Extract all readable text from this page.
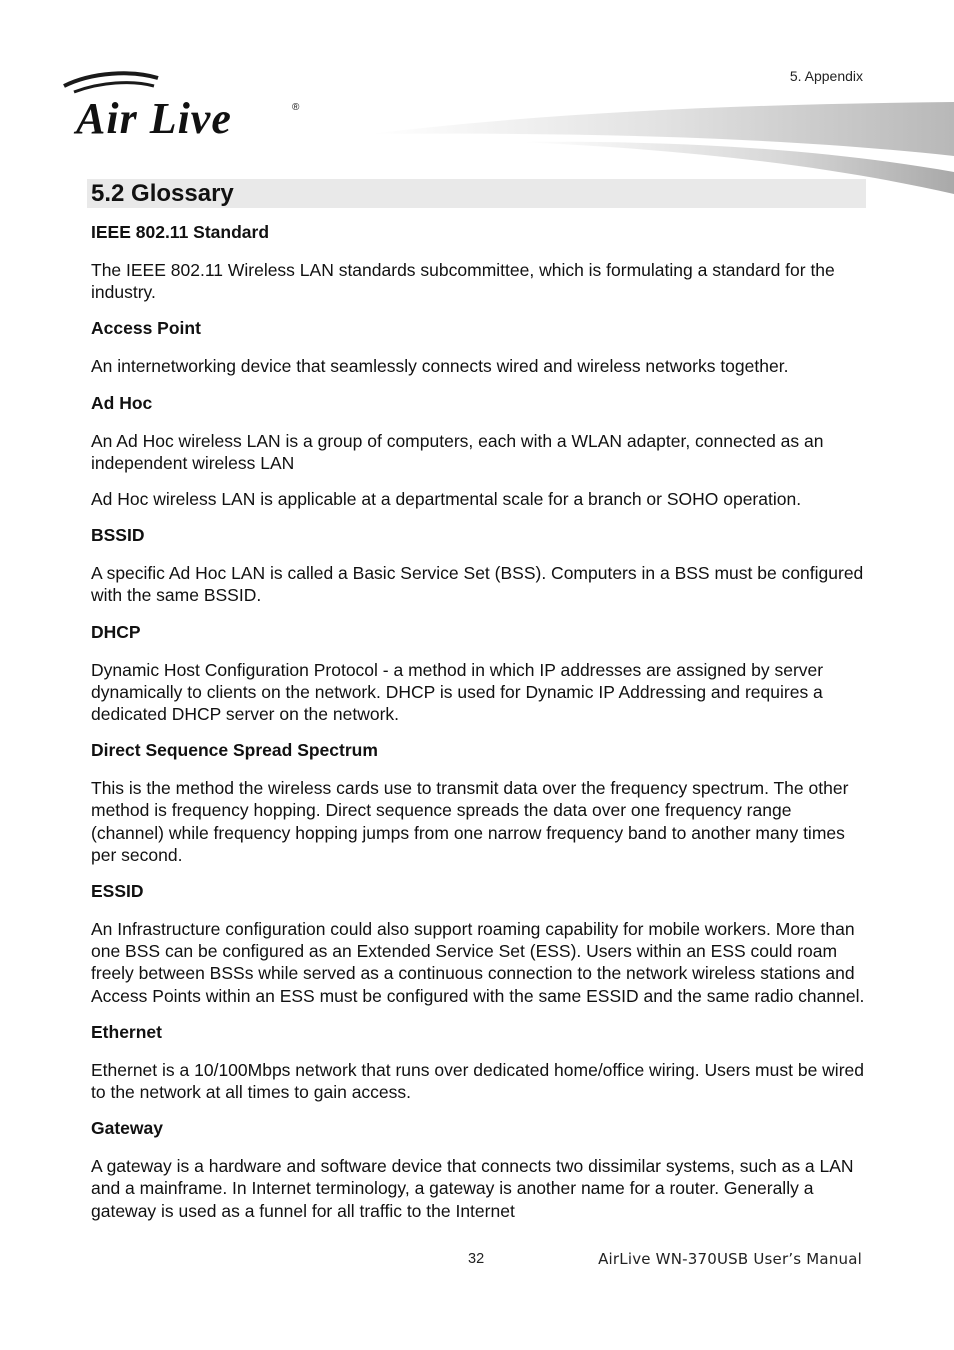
Air Live	®
5. Appendix
5.2 Glossary
IEEE 802.11 Standard
The IEEE 802.11 Wireless LAN standards subcommittee, which is formulating a standard for the industry.
Access Point
An internetworking device that seamlessly connects wired and wireless networks together.
Ad Hoc
An Ad Hoc wireless LAN is a group of computers, each with a WLAN adapter, connected as an independent wireless LAN
Ad Hoc wireless LAN is applicable at a departmental scale for a branch or SOHO operation.
BSSID
A specific Ad Hoc LAN is called a Basic Service Set (BSS). Computers in a BSS must be configured with the same BSSID.
DHCP
Dynamic Host Configuration Protocol - a method in which IP addresses are assigned by server dynamically to clients on the network. DHCP is used for Dynamic IP Addressing and requires a dedicated DHCP server on the network.
Direct Sequence Spread Spectrum
This is the method the wireless cards use to transmit data over the frequency spectrum. The other method is frequency hopping. Direct sequence spreads the data over one frequency range (channel) while frequency hopping jumps from one narrow frequency band to another many times per second.
ESSID
An Infrastructure configuration could also support roaming capability for mobile workers. More than one BSS can be configured as an Extended Service Set (ESS). Users within an ESS could roam freely between BSSs while served as a continuous connection to the network wireless stations and Access Points within an ESS must be configured with the same ESSID and the same radio channel.
Ethernet
Ethernet is a 10/100Mbps network that runs over dedicated home/office wiring. Users must be wired to the network at all times to gain access.
Gateway
A gateway is a hardware and software device that connects two dissimilar systems, such as a LAN and a mainframe. In Internet terminology, a gateway is another name for a router. Generally a gateway is used as a funnel for all traffic to the Internet
32	AirLive WN-370USB User’s Manual
